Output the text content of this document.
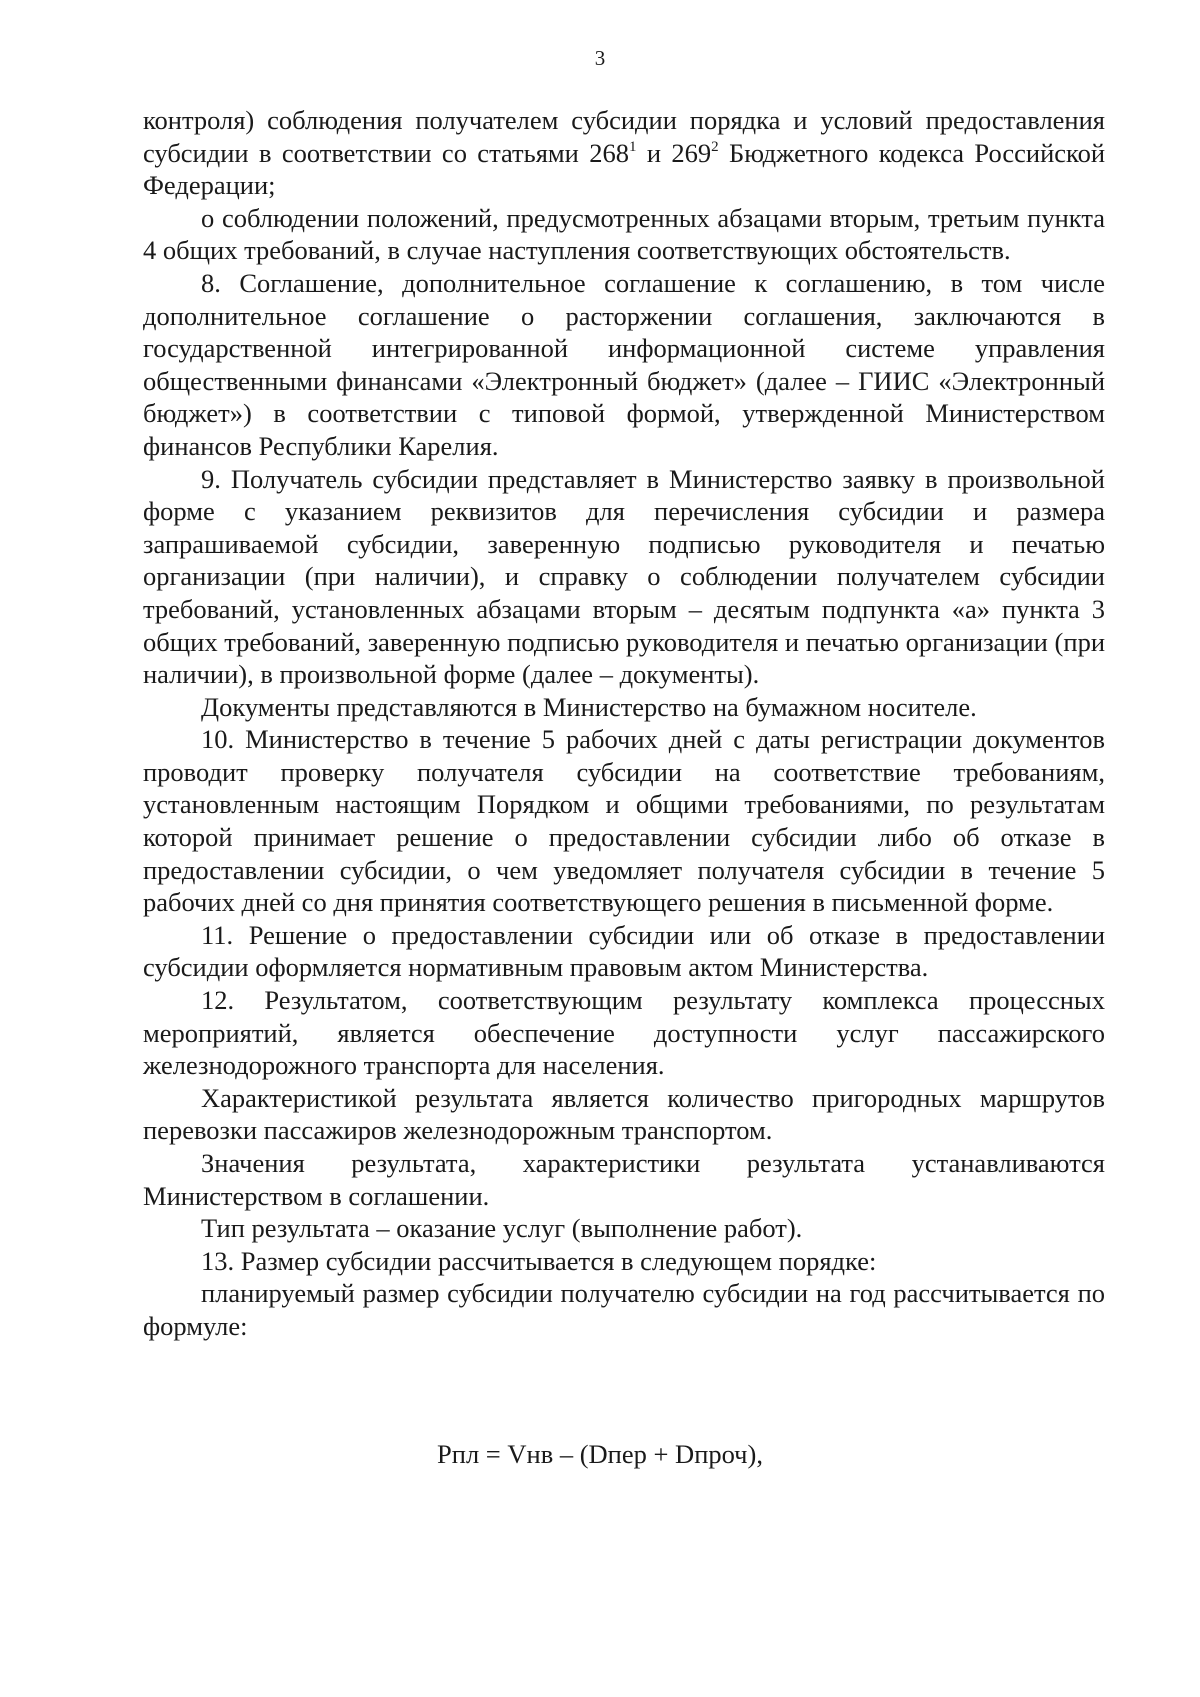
3

контроля) соблюдения получателем субсидии порядка и условий предоставления субсидии в соответствии со статьями $268^1$ и $269^2$ Бюджетного кодекса Российской Федерации;

о соблюдении положений, предусмотренных абзацами вторым, третьим пункта 4 общих требований, в случае наступления соответствующих обстоятельств.

8. Соглашение, дополнительное соглашение к соглашению, в том числе дополнительное соглашение о расторжении соглашения, заключаются в государственной интегрированной информационной системе управления общественными финансами «Электронный бюджет» (далее – ГИИС «Электронный бюджет») в соответствии с типовой формой, утвержденной Министерством финансов Республики Карелия.

9. Получатель субсидии представляет в Министерство заявку в произвольной форме с указанием реквизитов для перечисления субсидии и размера запрашиваемой субсидии, заверенную подписью руководителя и печатью организации (при наличии), и справку о соблюдении получателем субсидии требований, установленных абзацами вторым – десятым подпункта «а» пункта 3 общих требований, заверенную подписью руководителя и печатью организации (при наличии), в произвольной форме (далее – документы).

Документы представляются в Министерство на бумажном носителе.

10. Министерство в течение 5 рабочих дней с даты регистрации документов проводит проверку получателя субсидии на соответствие требованиям, установленным настоящим Порядком и общими требованиями, по результатам которой принимает решение о предоставлении субсидии либо об отказе в предоставлении субсидии, о чем уведомляет получателя субсидии в течение 5 рабочих дней со дня принятия соответствующего решения в письменной форме.

11. Решение о предоставлении субсидии или об отказе в предоставлении субсидии оформляется нормативным правовым актом Министерства.

12. Результатом, соответствующим результату комплекса процессных мероприятий, является обеспечение доступности услуг пассажирского железнодорожного транспорта для населения.

Характеристикой результата является количество пригородных маршрутов перевозки пассажиров железнодорожным транспортом.

Значения результата, характеристики результата устанавливаются Министерством в соглашении.

Тип результата – оказание услуг (выполнение работ).

13. Размер субсидии рассчитывается в следующем порядке:

планируемый размер субсидии получателю субсидии на год рассчитывается по формуле:

Рпл = Vнв – (Dпер + Dпроч),
